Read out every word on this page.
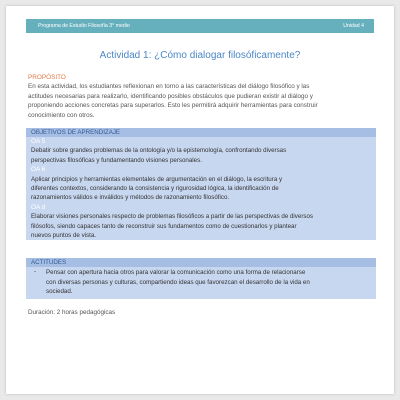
Programa de Estudio Filosofía 3° medio	Unidad 4
Actividad 1: ¿Cómo dialogar filosóficamente?
PROPÓSITO
En esta actividad, los estudiantes reflexionan en torno a las características del diálogo filosófico y las
actitudes necesarias para realizarlo, identificando posibles obstáculos que pudieran existir al diálogo y
proponiendo acciones concretas para superarlos. Esto les permitirá adquirir herramientas para construir
conocimiento con otros.
OBJETIVOS DE APRENDIZAJE
OA 5
Debatir sobre grandes problemas de la ontología y/o la epistemología, confrontando diversas
perspectivas filosóficas y fundamentando visiones personales.
OA 6
Aplicar principios y herramientas elementales de argumentación en el diálogo, la escritura y
diferentes contextos, considerando la consistencia y rigurosidad lógica, la identificación de
razonamientos válidos e inválidos y métodos de razonamiento filosófico.
OA d
Elaborar visiones personales respecto de problemas filosóficos a partir de las perspectivas de diversos
filósofos, siendo capaces tanto de reconstruir sus fundamentos como de cuestionarlos y plantear
nuevos puntos de vista.
ACTITUDES
- Pensar con apertura hacia otros para valorar la comunicación como una forma de relacionarse
con diversas personas y culturas, compartiendo ideas que favorezcan el desarrollo de la vida en
sociedad.
Duración: 2 horas pedagógicas
